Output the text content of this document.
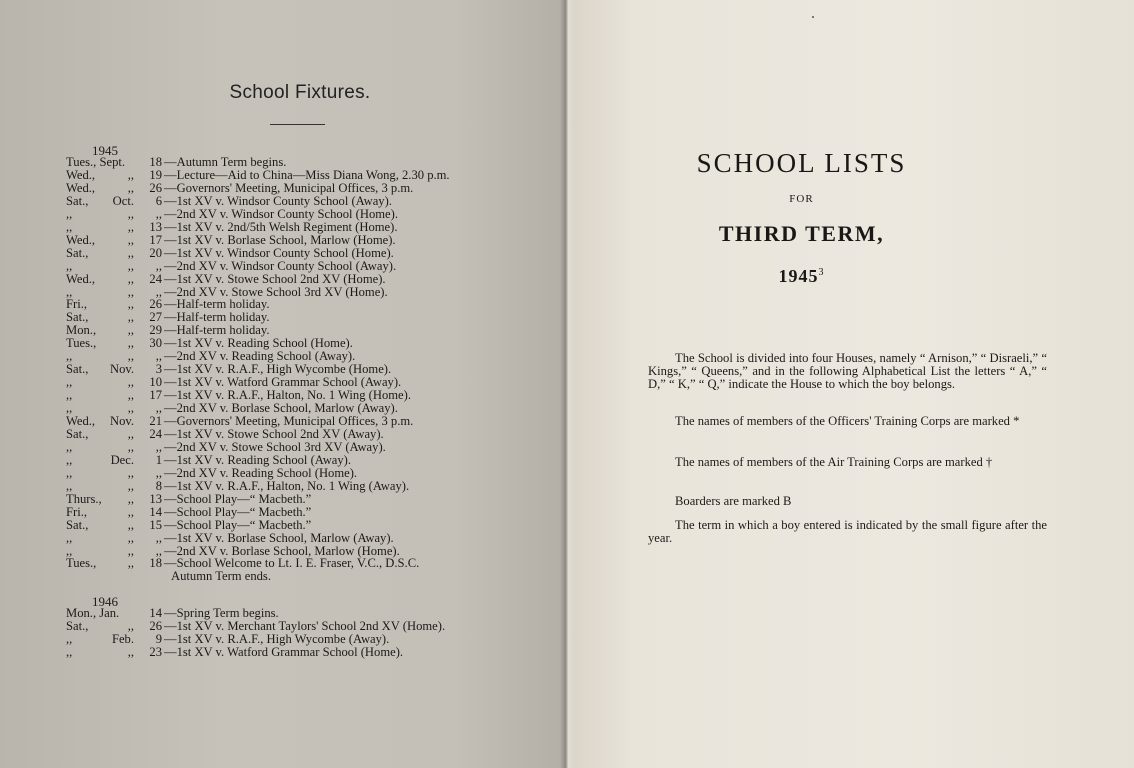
School Fixtures.
1945
Tues., Sept.	18 —Autumn Term begins.
Wed.,	,,	19 —Lecture—Aid to China—Miss Diana Wong, 2.30 p.m.
Wed.,	,,	26 —Governors' Meeting, Municipal Offices, 3 p.m.
Sat.,	Oct.	6 —1st XV v. Windsor County School (Away).
,,	,,	,, —2nd XV v. Windsor County School (Home).
,,	,,	13 —1st XV v. 2nd/5th Welsh Regiment (Home).
Wed.,	,,	17 —1st XV v. Borlase School, Marlow (Home).
Sat.,	,,	20 —1st XV v. Windsor County School (Home).
,,	,,	,, —2nd XV v. Windsor County School (Away).
Wed.,	,,	24 —1st XV v. Stowe School 2nd XV (Home).
,,	,,	,, —2nd XV v. Stowe School 3rd XV (Home).
Fri.,	,,	26 —Half-term holiday.
Sat.,	,,	27 —Half-term holiday.
Mon.,	,,	29 —Half-term holiday.
Tues.,	,,	30 —1st XV v. Reading School (Home).
,,	,,	,, —2nd XV v. Reading School (Away).
Sat.,	Nov.	3 —1st XV v. R.A.F., High Wycombe (Home).
,,	,,	10 —1st XV v. Watford Grammar School (Away).
,,	,,	17 —1st XV v. R.A.F., Halton, No. 1 Wing (Home).
,,	,,	,, —2nd XV v. Borlase School, Marlow (Away).
Wed.,	Nov.	21 —Governors' Meeting, Municipal Offices, 3 p.m.
Sat.,	,,	24 —1st XV v. Stowe School 2nd XV (Away).
,,	,,	,, —2nd XV v. Stowe School 3rd XV (Away).
,,	Dec.	1 —1st XV v. Reading School (Away).
,,	,,	,, —2nd XV v. Reading School (Home).
,,	,,	8 —1st XV v. R.A.F., Halton, No. 1 Wing (Away).
Thurs.,	,,	13 —School Play—“ Macbeth.”
Fri.,	,,	14 —School Play—“ Macbeth.”
Sat.,	,,	15 —School Play—“ Macbeth.”
,,	,,	,, —1st XV v. Borlase School, Marlow (Away).
,,	,,	,, —2nd XV v. Borlase School, Marlow (Home).
Tues.,	,,	18 —School Welcome to Lt. I. E. Fraser, V.C., D.S.C.
Autumn Term ends.
1946
Mon., Jan.	14 —Spring Term begins.
Sat.,	,,	26 —1st XV v. Merchant Taylors' School 2nd XV (Home).
,,	Feb.	9 —1st XV v. R.A.F., High Wycombe (Away).
,,	,,	23 —1st XV v. Watford Grammar School (Home).
SCHOOL LISTS
FOR
THIRD TERM,
1945$^3$
The School is divided into four Houses, namely “ Arnison,” “ Disraeli,” “ Kings,” “ Queens,” and in the following Alphabetical List the letters “ A,” “ D,” “ K,” “ Q,” indicate the House to which the boy belongs.
The names of members of the Officers' Training Corps are marked *
The names of members of the Air Training Corps are marked †
Boarders are marked B
The term in which a boy entered is indicated by the small figure after the year.
